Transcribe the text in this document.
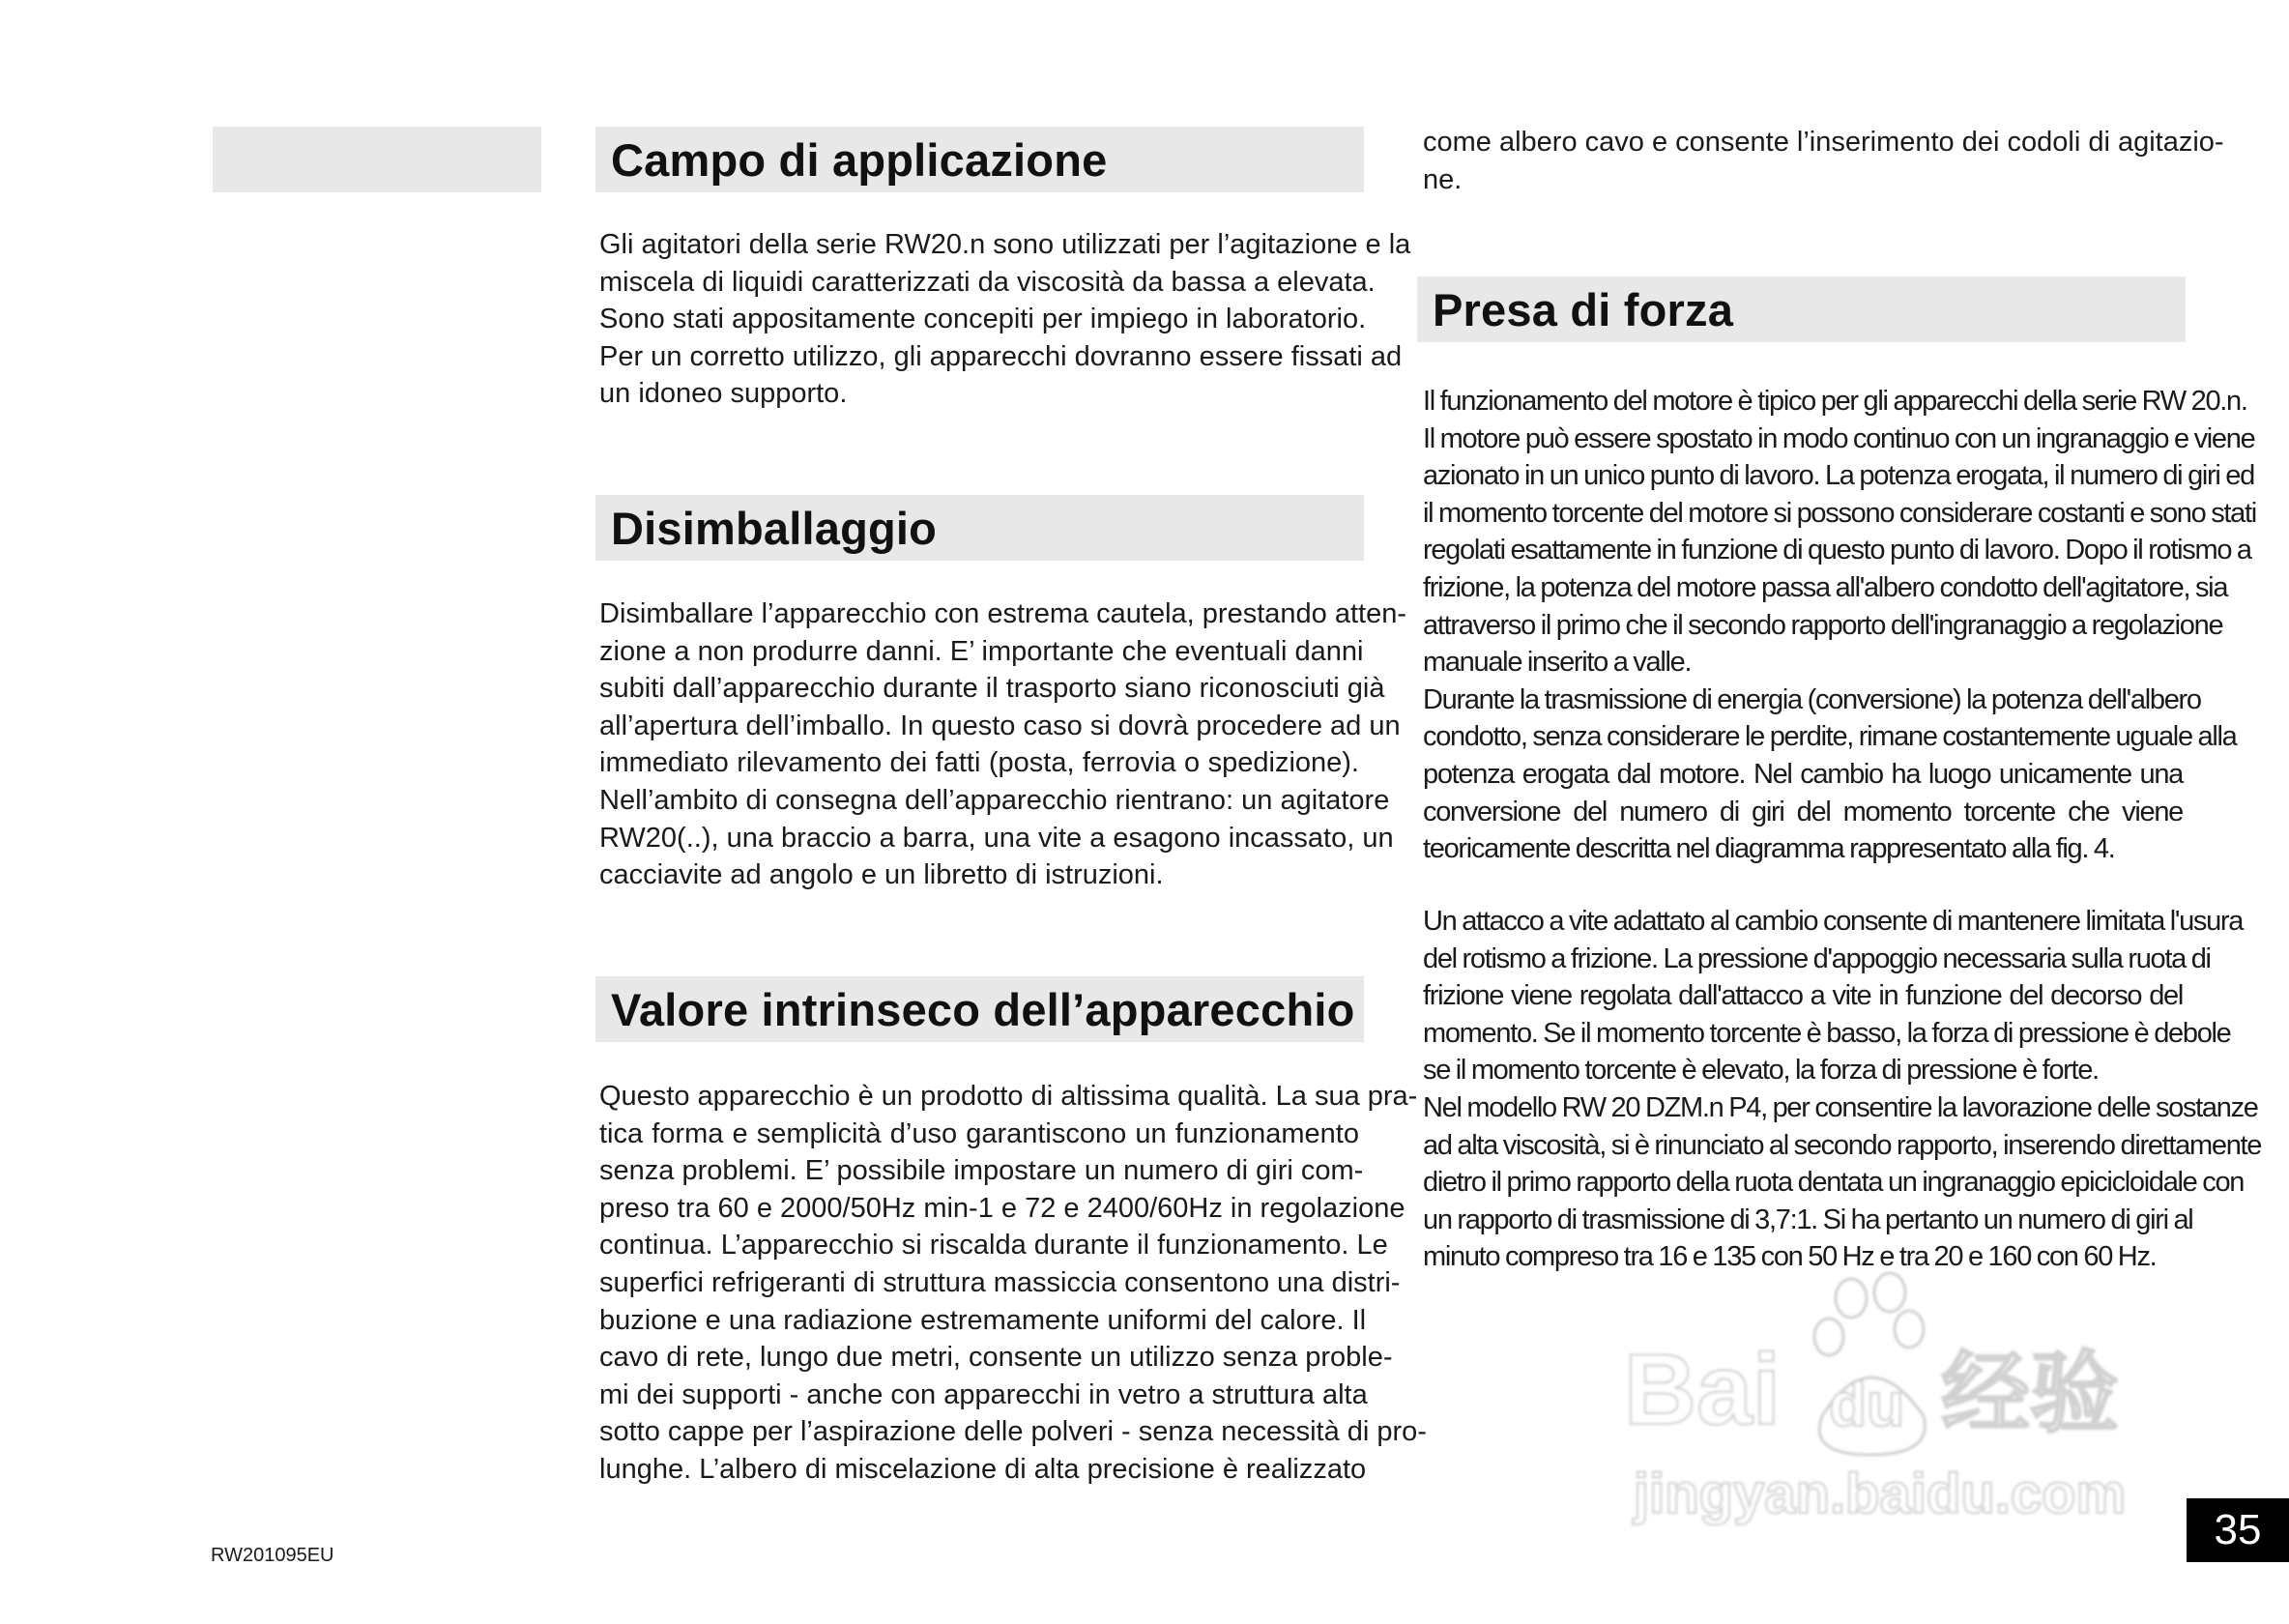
Campo di applicazione
Gli agitatori della serie RW20.n sono utilizzati per l’agitazione e la
miscela di liquidi caratterizzati da viscosità da bassa a elevata.
Sono stati appositamente concepiti per impiego in laboratorio.
Per un corretto utilizzo, gli apparecchi dovranno essere fissati ad
un idoneo supporto.
Disimballaggio
Disimballare l’apparecchio con estrema cautela, prestando atten-
zione a non produrre danni. E’ importante che eventuali danni
subiti dall’apparecchio durante il trasporto siano riconosciuti già
all’apertura dell’imballo. In questo caso si dovrà procedere ad un
immediato rilevamento dei fatti (posta, ferrovia o spedizione).
Nell’ambito di consegna dell’apparecchio rientrano: un agitatore
RW20(..), una braccio a barra, una vite a esagono incassato, un
cacciavite ad angolo e un libretto di istruzioni.
Valore intrinseco dell’apparecchio
Questo apparecchio è un prodotto di altissima qualità. La sua pra-
tica forma e semplicità d’uso garantiscono un funzionamento
senza problemi. E’ possibile impostare un numero di giri com-
preso tra 60 e 2000/50Hz min-1 e 72 e 2400/60Hz in regolazione
continua. L’apparecchio si riscalda durante il funzionamento. Le
superfici refrigeranti di struttura massiccia consentono una distri-
buzione e una radiazione estremamente uniformi del calore. Il
cavo di rete, lungo due metri, consente un utilizzo senza proble-
mi dei supporti - anche con apparecchi in vetro a struttura alta
sotto cappe per l’aspirazione delle polveri - senza necessità di pro-
lunghe. L’albero di miscelazione di alta precisione è realizzato
come albero cavo e consente l’inserimento dei codoli di agitazio-
ne.
Presa di forza
Il funzionamento del motore è tipico per gli apparecchi della serie RW 20.n.
Il motore può essere spostato in modo continuo con un ingranaggio e viene
azionato in un unico punto di lavoro. La potenza erogata, il numero di giri ed
il momento torcente del motore si possono considerare costanti e sono stati
regolati esattamente in funzione di questo punto di lavoro. Dopo il rotismo a
frizione, la potenza del motore passa all'albero condotto dell'agitatore, sia
attraverso il primo che il secondo rapporto dell'ingranaggio a regolazione
manuale inserito a valle.
Durante la trasmissione di energia (conversione) la potenza dell'albero
condotto, senza considerare le perdite, rimane costantemente uguale alla
potenza erogata dal motore. Nel cambio ha luogo unicamente una
conversione del numero di giri del momento torcente che viene
teoricamente descritta nel diagramma rappresentato alla fig. 4.
Un attacco a vite adattato al cambio consente di mantenere limitata l'usura
del rotismo a frizione. La pressione d'appoggio necessaria sulla ruota di
frizione viene regolata dall'attacco a vite in funzione del decorso del
momento. Se il momento torcente è basso, la forza di pressione è debole
se il momento torcente è elevato, la forza di pressione è forte.
Nel modello RW 20 DZM.n P4, per consentire la lavorazione delle sostanze
ad alta viscosità, si è rinunciato al secondo rapporto, inserendo direttamente
dietro il primo rapporto della ruota dentata un ingranaggio epicicloidale con
un rapporto di trasmissione di 3,7:1. Si ha pertanto un numero di giri al
minuto compreso tra 16 e 135 con 50 Hz e tra 20 e 160 con 60 Hz.
RW201095EU
35
Bai du 经验
jingyan.baidu.com
